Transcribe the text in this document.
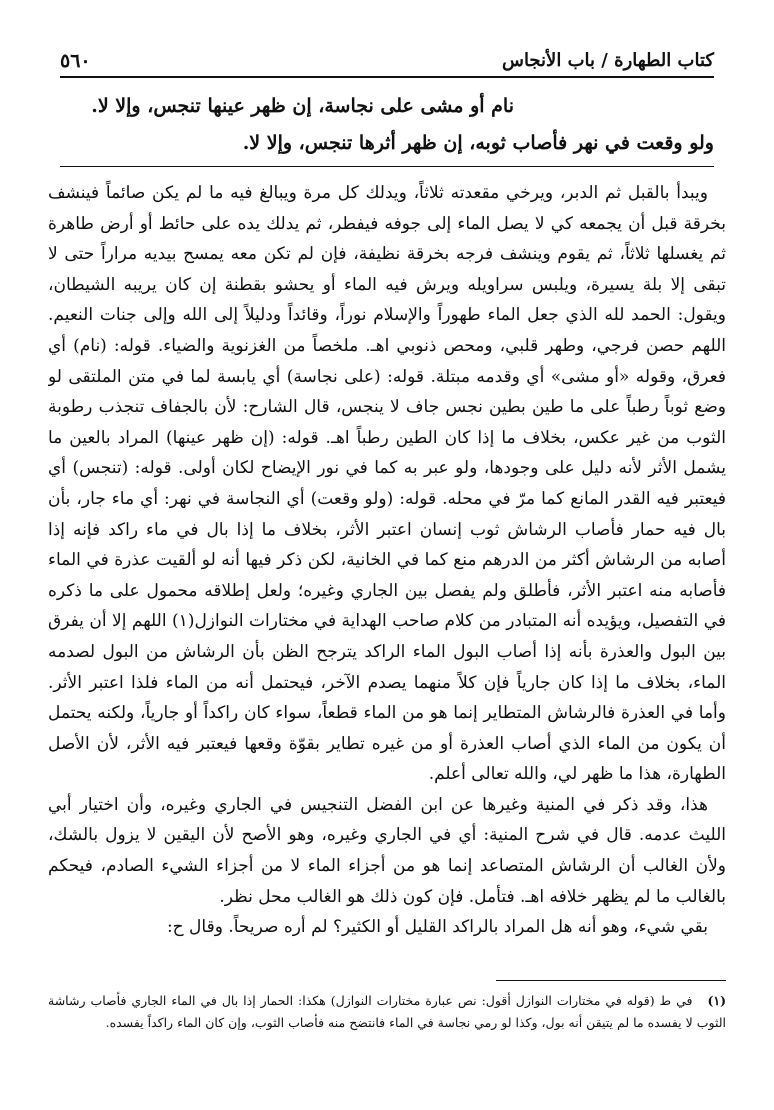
كتاب الطهارة / باب الأنجاس
٥٦٠
نام أو مشى على نجاسة، إن ظهر عينها تنجس، وإلا لا.
ولو وقعت في نهر فأصاب ثوبه، إن ظهر أثرها تنجس، وإلا لا.

ويبدأ بالقبل ثم الدبر، ويرخي مقعدته ثلاثاً، ويدلك كل مرة ويبالغ فيه ما لم يكن صائماً فينشف بخرقة قبل أن يجمعه كي لا يصل الماء إلى جوفه فيفطر، ثم يدلك يده على حائط أو أرض طاهرة ثم يغسلها ثلاثاً، ثم يقوم وينشف فرجه بخرقة نظيفة، فإن لم تكن معه يمسح بيديه مراراً حتى لا تبقى إلا بلة يسيرة، ويلبس سراويله ويرش فيه الماء أو يحشو بقطنة إن كان يريبه الشيطان، ويقول: الحمد لله الذي جعل الماء طهوراً والإسلام نوراً، وقائداً ودليلاً إلى الله وإلى جنات النعيم. اللهم حصن فرجي، وطهر قلبي، ومحص ذنوبي اهـ. ملخصاً من الغزنوية والضياء. قوله: (نام) أي فعرق، وقوله «أو مشى» أي وقدمه مبتلة. قوله: (على نجاسة) أي يابسة لما في متن الملتقى لو وضع ثوباً رطباً على ما طين بطين نجس جاف لا ينجس، قال الشارح: لأن بالجفاف تنجذب رطوبة الثوب من غير عكس، بخلاف ما إذا كان الطين رطباً اهـ. قوله: (إن ظهر عينها) المراد بالعين ما يشمل الأثر لأنه دليل على وجودها، ولو عبر به كما في نور الإيضاح لكان أولى. قوله: (تنجس) أي فيعتبر فيه القدر المانع كما مرّ في محله. قوله: (ولو وقعت) أي النجاسة في نهر: أي ماء جار، بأن بال فيه حمار فأصاب الرشاش ثوب إنسان اعتبر الأثر، بخلاف ما إذا بال في ماء راكد فإنه إذا أصابه من الرشاش أكثر من الدرهم منع كما في الخانية، لكن ذكر فيها أنه لو ألقيت عذرة في الماء فأصابه منه اعتبر الأثر، فأطلق ولم يفصل بين الجاري وغيره؛ ولعل إطلاقه محمول على ما ذكره في التفصيل، ويؤيده أنه المتبادر من كلام صاحب الهداية في مختارات النوازل(١) اللهم إلا أن يفرق بين البول والعذرة بأنه إذا أصاب البول الماء الراكد يترجح الظن بأن الرشاش من البول لصدمه الماء، بخلاف ما إذا كان جارياً فإن كلاً منهما يصدم الآخر، فيحتمل أنه من الماء فلذا اعتبر الأثر. وأما في العذرة فالرشاش المتطاير إنما هو من الماء قطعاً، سواء كان راكداً أو جارياً، ولكنه يحتمل أن يكون من الماء الذي أصاب العذرة أو من غيره تطاير بقوّة وقعها فيعتبر فيه الأثر، لأن الأصل الطهارة، هذا ما ظهر لي، والله تعالى أعلم.

هذا، وقد ذكر في المنية وغيرها عن ابن الفضل التنجيس في الجاري وغيره، وأن اختيار أبي الليث عدمه. قال في شرح المنية: أي في الجاري وغيره، وهو الأصح لأن اليقين لا يزول بالشك، ولأن الغالب أن الرشاش المتصاعد إنما هو من أجزاء الماء لا من أجزاء الشيء الصادم، فيحكم بالغالب ما لم يظهر خلافه اهـ. فتأمل. فإن كون ذلك هو الغالب محل نظر.

بقي شيء، وهو أنه هل المراد بالراكد القليل أو الكثير؟ لم أره صريحاً. وقال ح:

(١) في ط (قوله في مختارات النوازل أقول: نص عبارة مختارات النوازل) هكذا: الحمار إذا بال في الماء الجاري فأصاب رشاشة الثوب لا يفسده ما لم يتيقن أنه بول، وكذا لو رمي نجاسة في الماء فانتضح منه فأصاب الثوب، وإن كان الماء راكداً يفسده.
